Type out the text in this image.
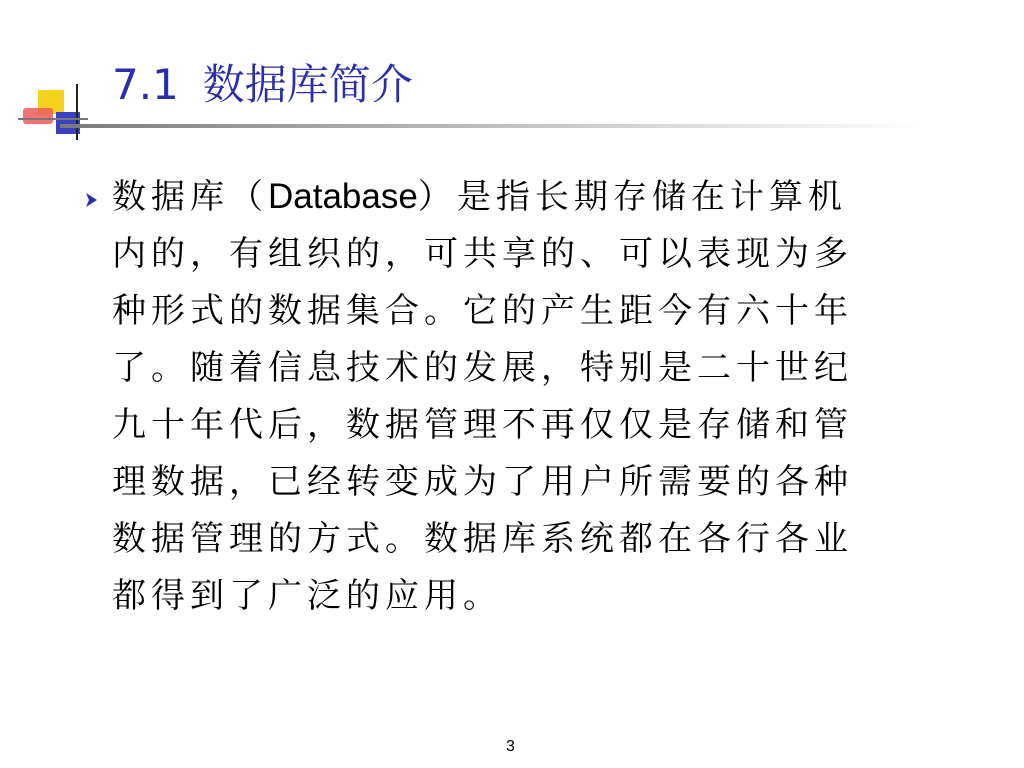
7.1 数据库简介

数据库（Database）是指长期存储在计算机
内的，有组织的，可共享的、可以表现为多
种形式的数据集合。它的产生距今有六十年
了。随着信息技术的发展，特别是二十世纪
九十年代后，数据管理不再仅仅是存储和管
理数据，已经转变成为了用户所需要的各种
数据管理的方式。数据库系统都在各行各业
都得到了广泛的应用。

3
